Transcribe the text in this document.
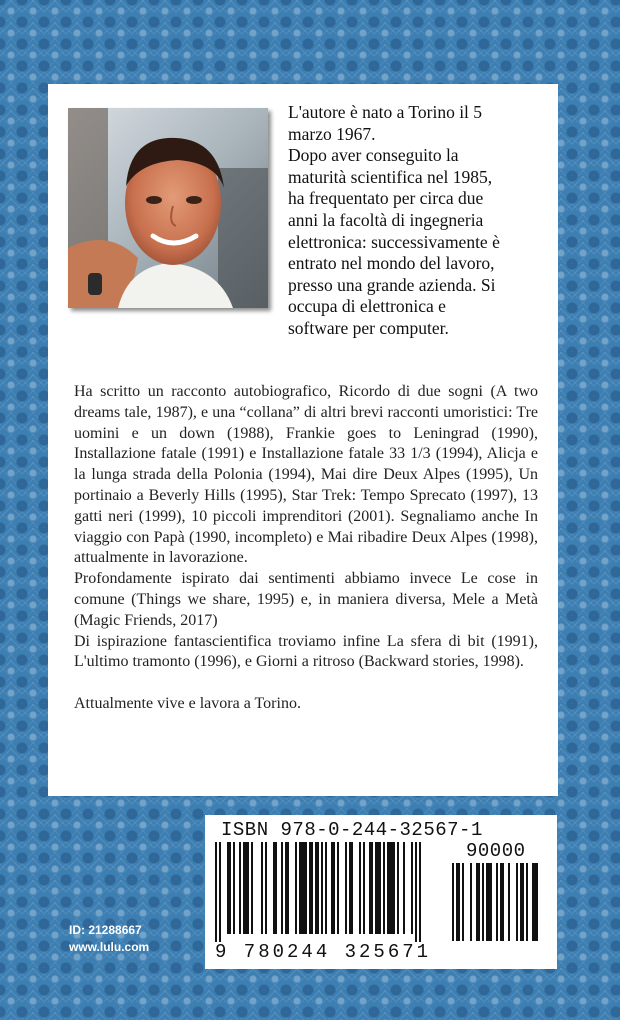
L'autore è nato a Torino il 5
marzo 1967.
Dopo aver conseguito la
maturità scientifica nel 1985,
ha frequentato per circa due
anni la facoltà di ingegneria
elettronica: successivamente è
entrato nel mondo del lavoro,
presso una grande azienda. Si
occupa di elettronica e
software per computer.

Ha scritto un racconto autobiografico, Ricordo di due sogni (A two dreams tale, 1987), e una “collana” di altri brevi racconti umoristici: Tre uomini e un down (1988), Frankie goes to Leningrad (1990), Installazione fatale (1991) e Installazione fatale 33 1/3 (1994), Alicja e la lunga strada della Polonia (1994), Mai dire Deux Alpes (1995), Un portinaio a Beverly Hills (1995), Star Trek: Tempo Sprecato (1997), 13 gatti neri (1999), 10 piccoli imprenditori (2001). Segnaliamo anche In viaggio con Papà (1990, incompleto) e Mai ribadire Deux Alpes (1998), attualmente in lavorazione.

Profondamente ispirato dai sentimenti abbiamo invece Le cose in comune (Things we share, 1995) e, in maniera diversa, Mele a Metà (Magic Friends, 2017)

Di ispirazione fantascientifica troviamo infine La sfera di bit (1991), L'ultimo tramonto (1996), e Giorni a ritroso (Backward stories, 1998).

Attualmente vive e lavora a Torino.

ISBN 978-0-244-32567-1
90000
9 780244 325671
ID: 21288667
www.lulu.com
